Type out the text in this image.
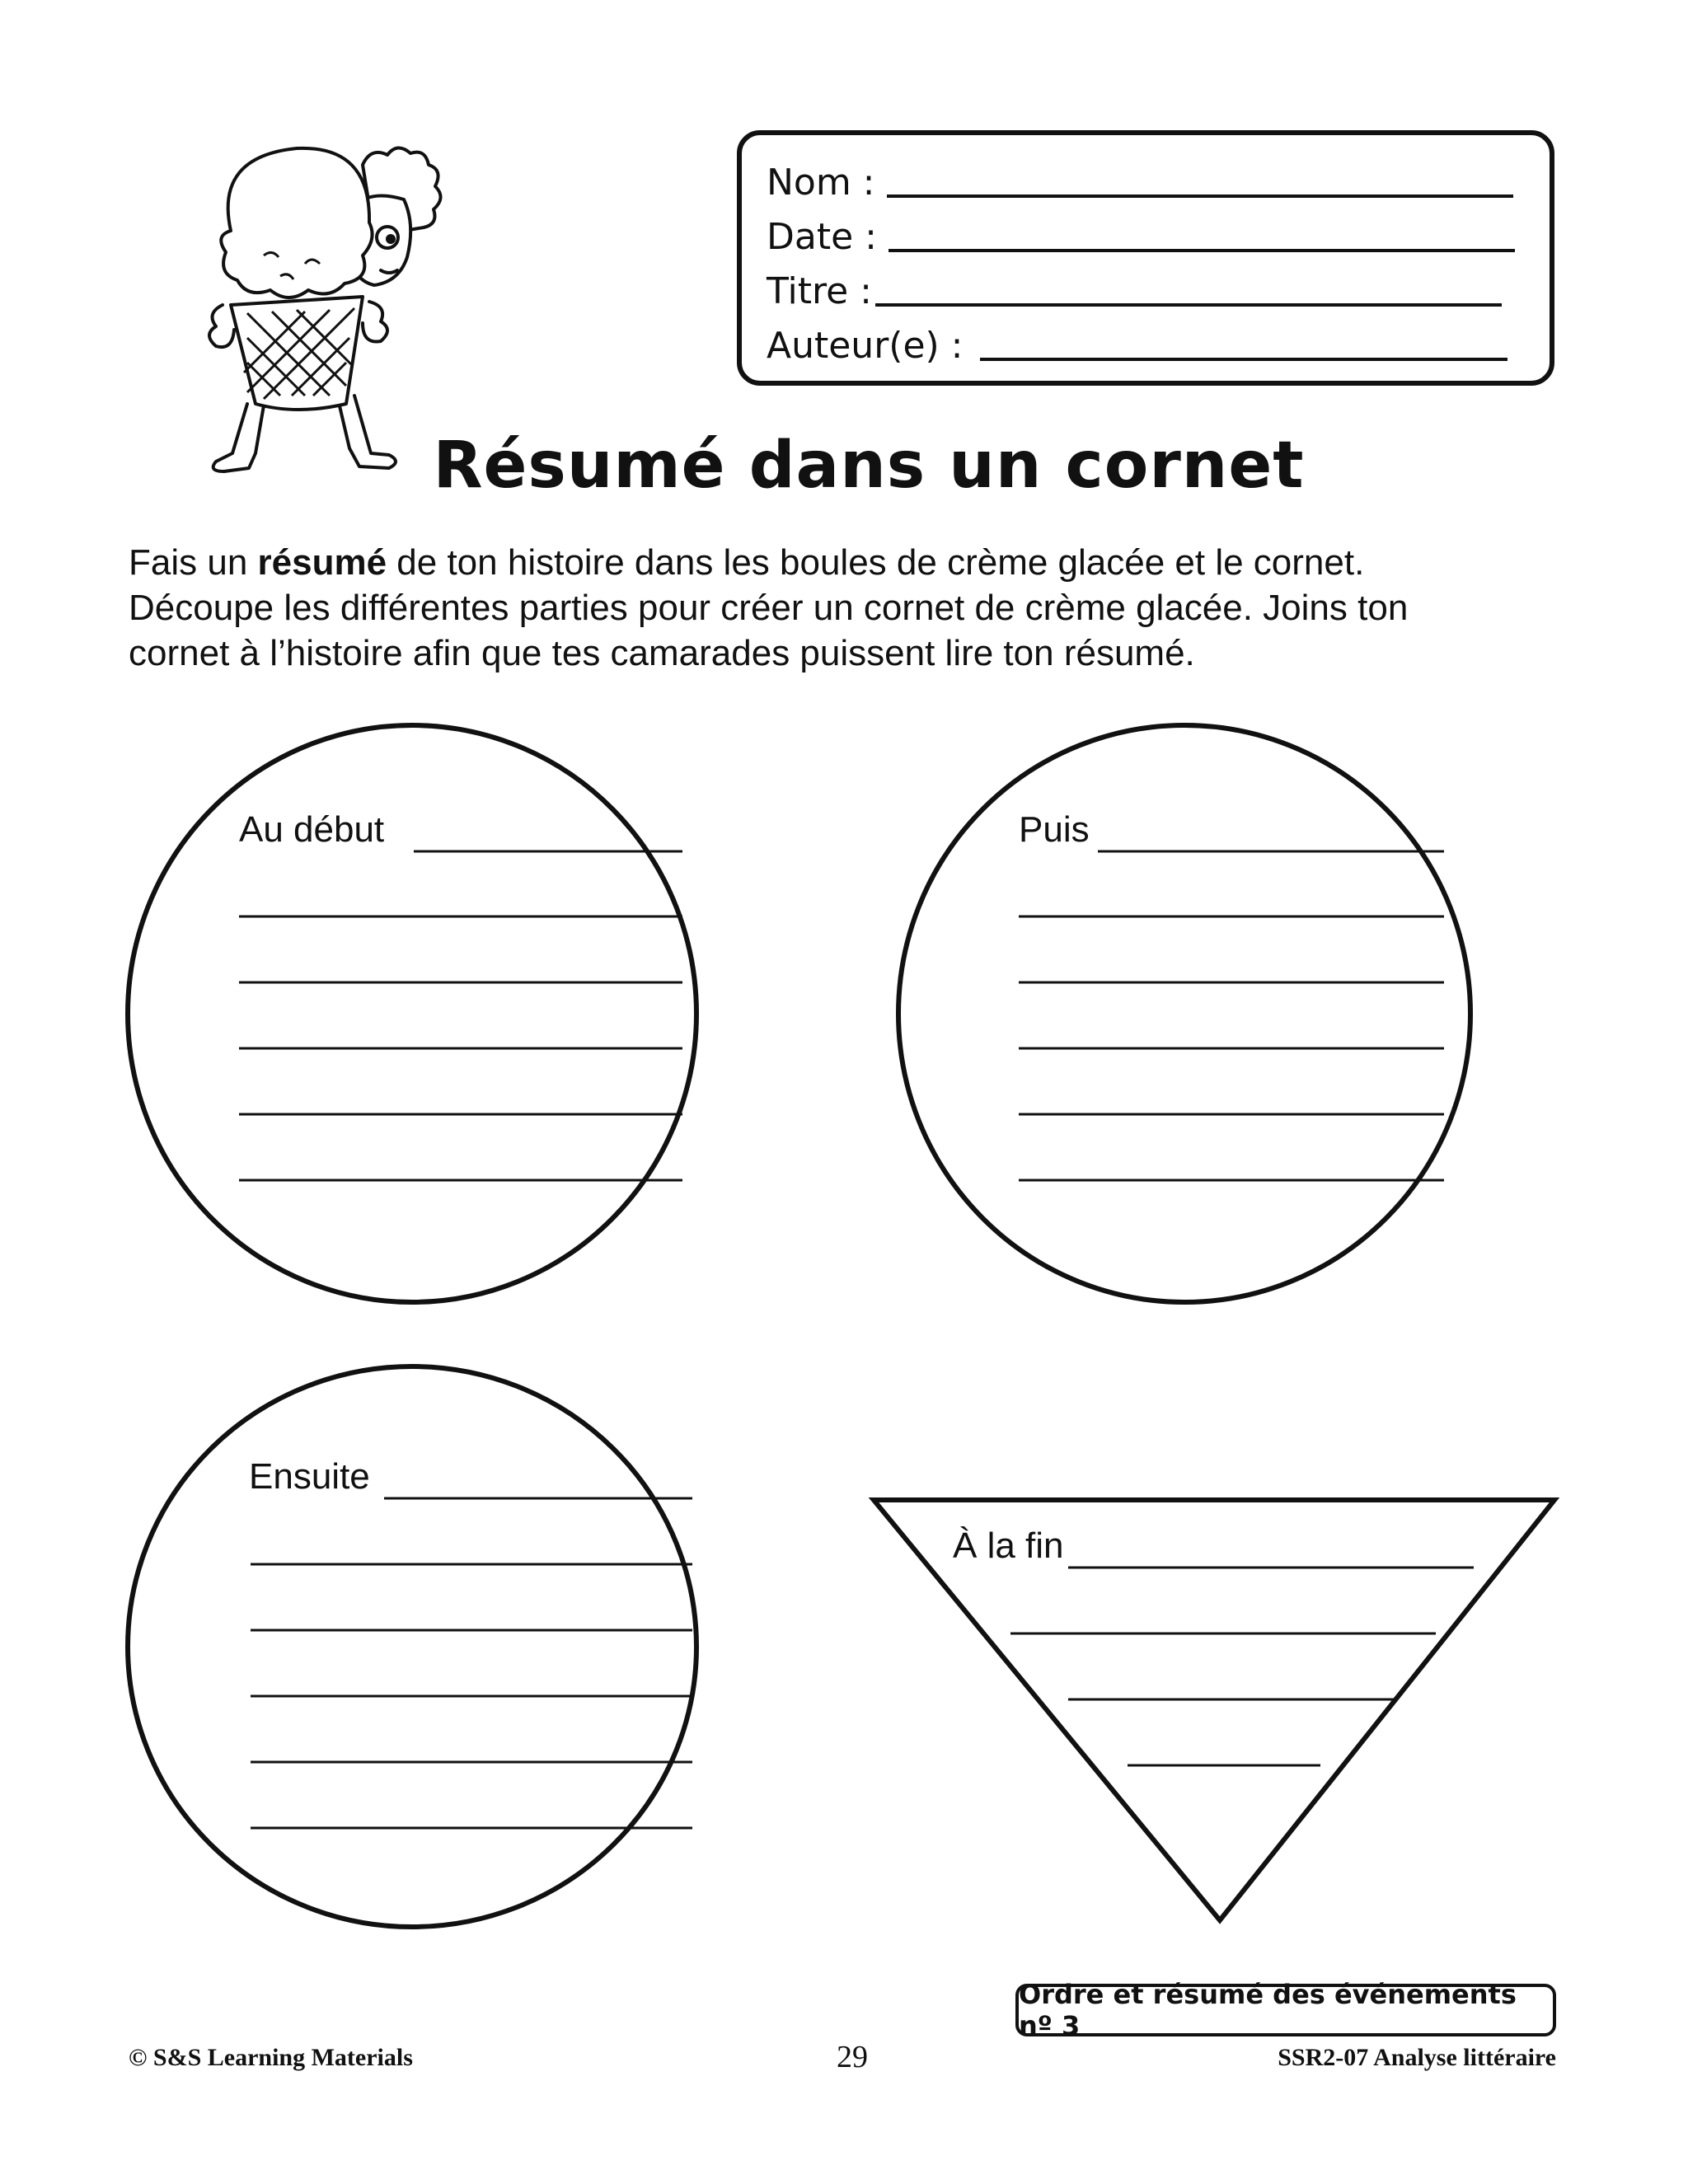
Nom :
Date :
Titre :
Auteur(e) :
Résumé dans un cornet

Fais un résumé de ton histoire dans les boules de crème glacée et le cornet.

Découpe les différentes parties pour créer un cornet de crème glacée. Joins ton

cornet à l’histoire afin que tes camarades puissent lire ton résumé.

Au début	Puis
Ensuite
À la fin
Ordre et résumé des événements nº 3
© S&S Learning Materials	29	SSR2-07 Analyse littéraire
